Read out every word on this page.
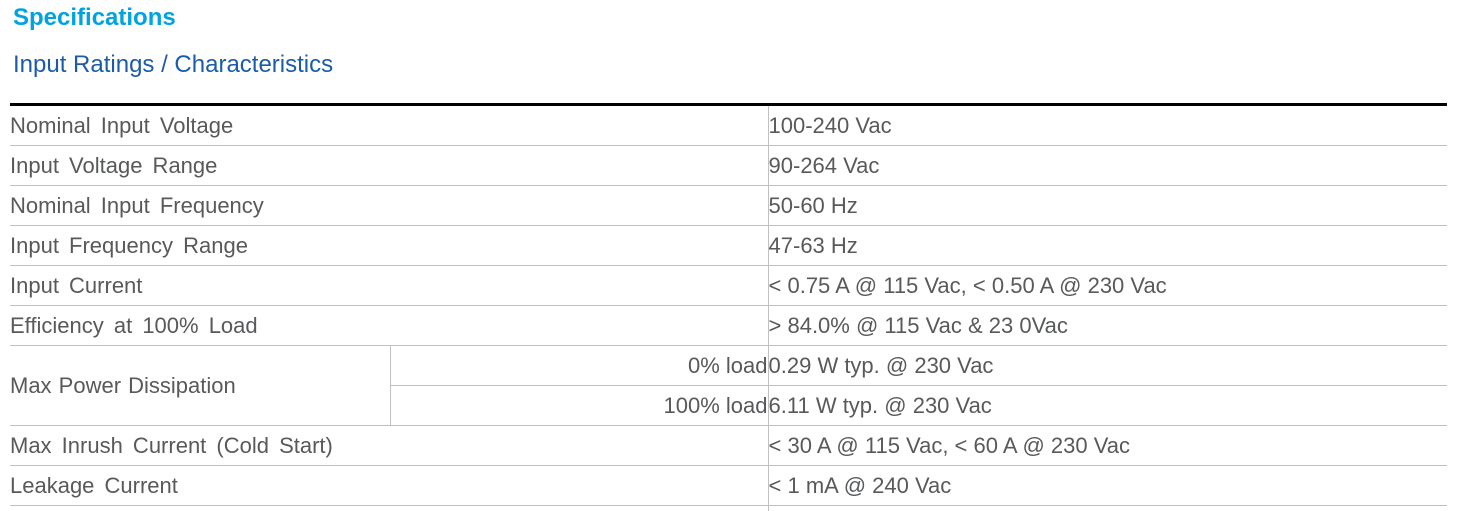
Specifications
Input Ratings / Characteristics
Nominal Input Voltage		100-240 Vac
Input Voltage Range		90-264 Vac
Nominal Input Frequency		50-60 Hz
Input Frequency Range		47-63 Hz
Input Current		< 0.75 A @ 115 Vac, < 0.50 A @ 230 Vac
Efficiency at 100% Load		> 84.0% @ 115 Vac & 23 0Vac
Max Power Dissipation	0% load	0.29 W typ. @ 230 Vac
	100% load	6.11 W typ. @ 230 Vac
Max Inrush Current (Cold Start)		< 30 A @ 115 Vac, < 60 A @ 230 Vac
Leakage Current		< 1 mA @ 240 Vac
